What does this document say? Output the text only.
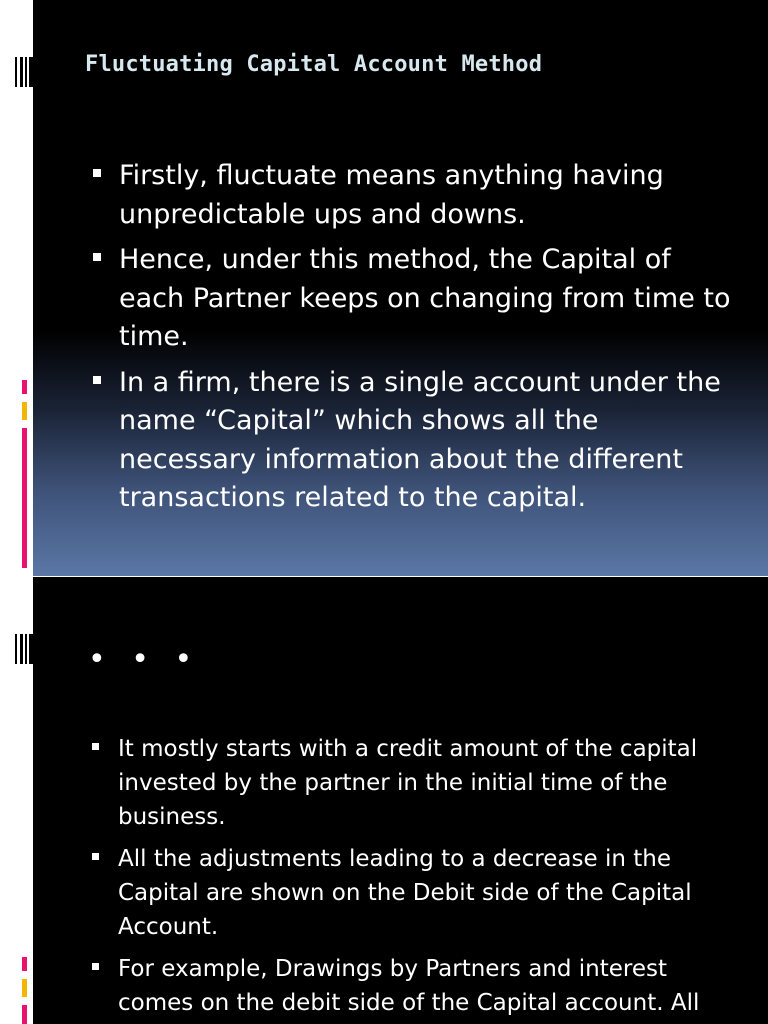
Fluctuating Capital Account Method
Firstly, fluctuate means anything having unpredictable ups and downs.
Hence, under this method, the Capital of each Partner keeps on changing from time to time.
In a firm, there is a single account under the name “Capital” which shows all the necessary information about the different transactions related to the capital.
• • •
It mostly starts with a credit amount of the capital invested by the partner in the initial time of the business.
All the adjustments leading to a decrease in the Capital are shown on the Debit side of the Capital Account.
For example, Drawings by Partners and interest comes on the debit side of the Capital account. All
